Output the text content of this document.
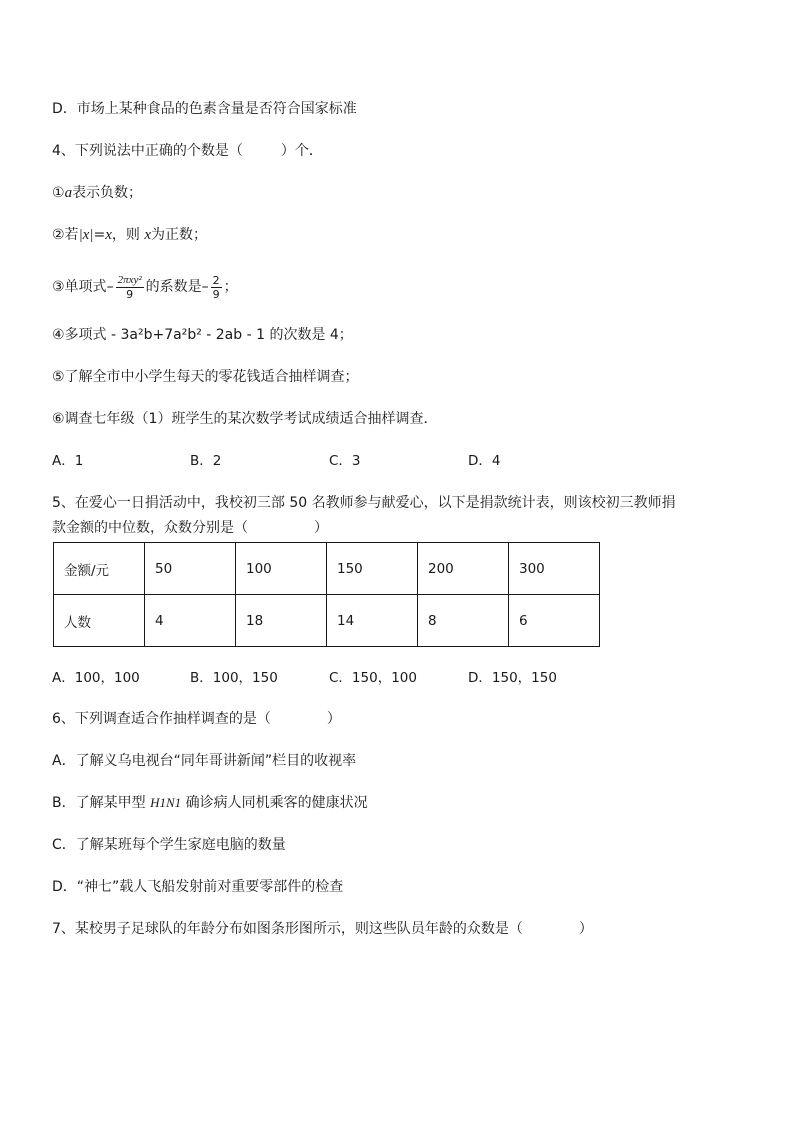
D．市场上某种食品的色素含量是否符合国家标准
4、下列说法中正确的个数是（	）个．
①a表示负数；
②若|x|=x，则 x为正数；
③单项式– $\frac{\text{2πxy²}}{9}$ 的系数是– $\frac{2}{9}$ ；
④多项式 - 3a²b+7a²b² - 2ab - 1 的次数是 4；
⑤了解全市中小学生每天的零花钱适合抽样调查；
⑥调查七年级（1）班学生的某次数学考试成绩适合抽样调查．
A．1	B．2	C．3	D．4
5、在爱心一日捐活动中，我校初三部 50 名教师参与献爱心，以下是捐款统计表，则该校初三教师捐
款金额的中位数，众数分别是（	）
金额/元	50	100	150	200	300
人数	4	18	14	8	6
A．100，100	B．100，150	C．150，100	D．150，150
6、下列调查适合作抽样调查的是（	）
A．了解义乌电视台“同年哥讲新闻”栏目的收视率
B．了解某甲型 H1N1 确诊病人同机乘客的健康状况
C．了解某班每个学生家庭电脑的数量
D．“神七”载人飞船发射前对重要零部件的检查
7、某校男子足球队的年龄分布如图条形图所示，则这些队员年龄的众数是（	）
